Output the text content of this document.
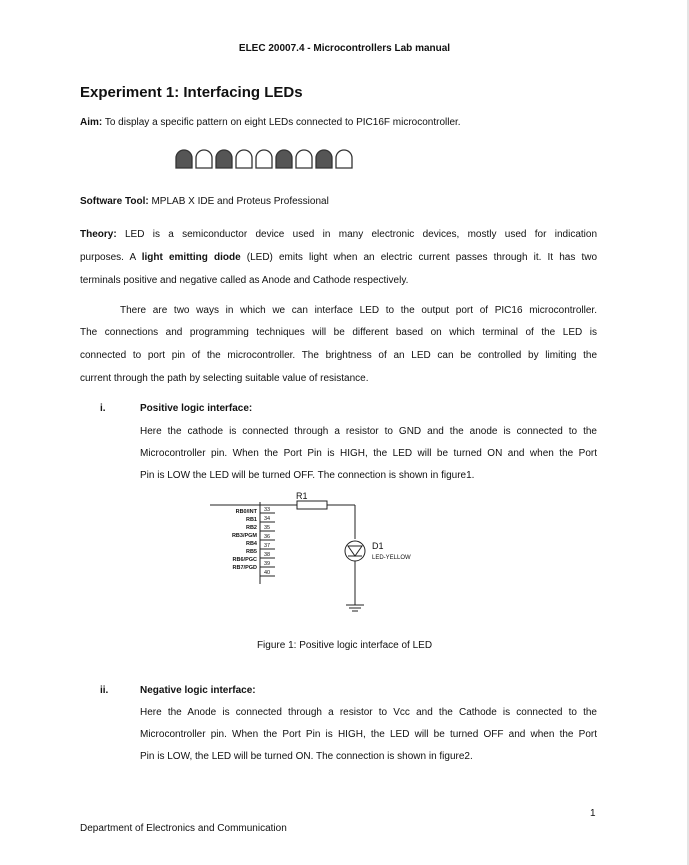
ELEC 20007.4 - Microcontrollers Lab manual
Experiment 1: Interfacing LEDs
Aim: To display a specific pattern on eight LEDs connected to PIC16F microcontroller.
Software Tool: MPLAB X IDE and Proteus Professional
Theory: LED is a semiconductor device used in many electronic devices, mostly used for indication
purposes. A light emitting diode (LED) emits light when an electric current passes through it. It has two
terminals positive and negative called as Anode and Cathode respectively.
There are two ways in which we can interface LED to the output port of PIC16 microcontroller.
The connections and programming techniques will be different based on which terminal of the LED is
connected to port pin of the microcontroller. The brightness of an LED can be controlled by limiting the
current through the path by selecting suitable value of resistance.
i.	Positive logic interface:
Here the cathode is connected through a resistor to GND and the anode is connected to the
Microcontroller pin. When the Port Pin is HIGH, the LED will be turned ON and when the Port
Pin is LOW the LED will be turned OFF. The connection is shown in figure1.
R1
D1
LED-YELLOW
RB0/INT
RB1
RB2
RB3/PGM
RB4
RB5
RB6/PGC
RB7/PGD
33
34
35
36
37
38
39
40
Figure 1: Positive logic interface of LED
ii.	Negative logic interface:
Here the Anode is connected through a resistor to Vcc and the Cathode is connected to the
Microcontroller pin. When the Port Pin is HIGH, the LED will be turned OFF and when the Port
Pin is LOW, the LED will be turned ON. The connection is shown in figure2.
1
Department of Electronics and Communication
